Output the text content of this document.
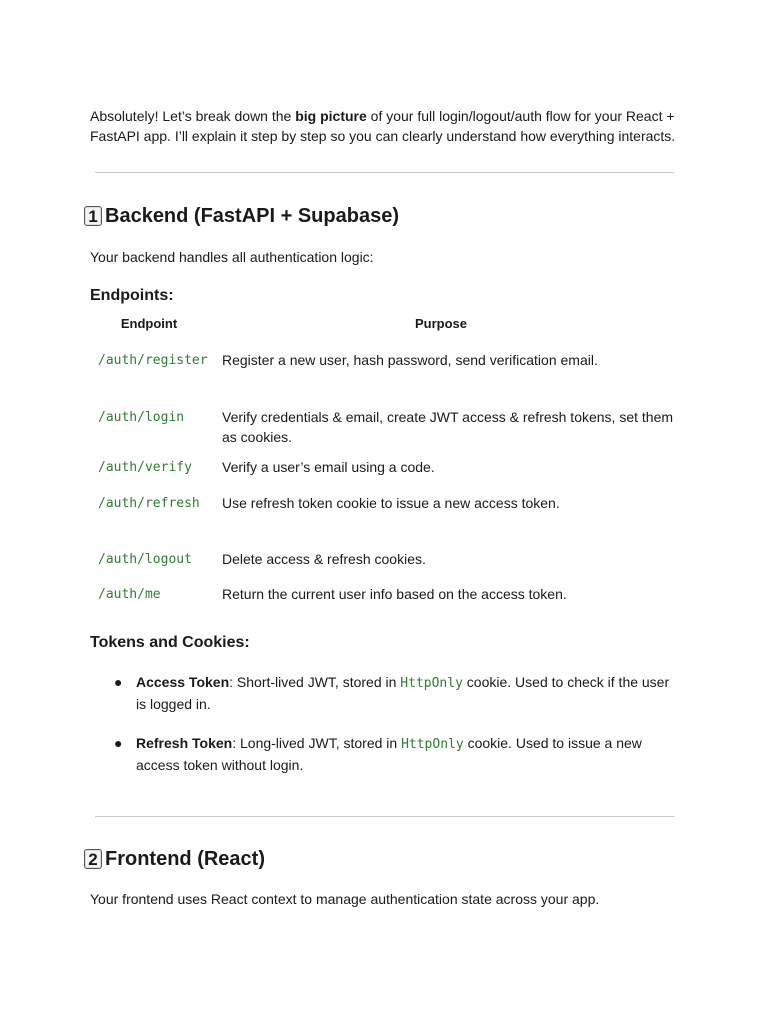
Absolutely! Let’s break down the big picture of your full login/logout/auth flow for your React + FastAPI app. I’ll explain it step by step so you can clearly understand how everything interacts.

1 Backend (FastAPI + Supabase)
Your backend handles all authentication logic:
Endpoints:
Endpoint	Purpose

/auth/register	Register a new user, hash password, send verification email.
/auth/login	Verify credentials & email, create JWT access & refresh tokens, set them as cookies.
/auth/verify	Verify a user’s email using a code.
/auth/refresh	Use refresh token cookie to issue a new access token.
/auth/logout	Delete access & refresh cookies.
/auth/me	Return the current user info based on the access token.
Tokens and Cookies:
● Access Token: Short-lived JWT, stored in HttpOnly cookie. Used to check if the user is logged in.
● Refresh Token: Long-lived JWT, stored in HttpOnly cookie. Used to issue a new access token without login.
2 Frontend (React)
Your frontend uses React context to manage authentication state across your app.
